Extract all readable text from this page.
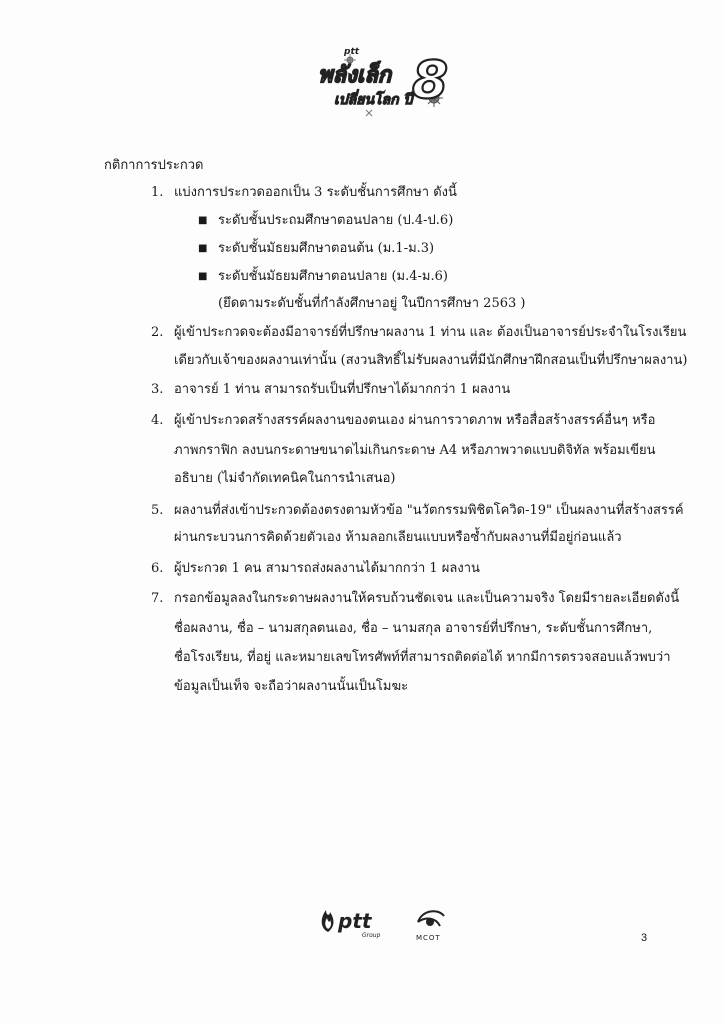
8
ptt
พลังเล็ก
เปลี่ยนโลก ปี
กติกาการประกวด
1. แบ่งการประกวดออกเป็น 3 ระดับชั้นการศึกษา ดังนี้
■ ระดับชั้นประถมศึกษาตอนปลาย (ป.4-ป.6)
■ ระดับชั้นมัธยมศึกษาตอนต้น (ม.1-ม.3)
■ ระดับชั้นมัธยมศึกษาตอนปลาย (ม.4-ม.6)
(ยึดตามระดับชั้นที่กำลังศึกษาอยู่ ในปีการศึกษา 2563 )
2. ผู้เข้าประกวดจะต้องมีอาจารย์ที่ปรึกษาผลงาน 1 ท่าน และ ต้องเป็นอาจารย์ประจำในโรงเรียน
เดียวกับเจ้าของผลงานเท่านั้น (สงวนสิทธิ์ไม่รับผลงานที่มีนักศึกษาฝึกสอนเป็นที่ปรึกษาผลงาน)
3. อาจารย์ 1 ท่าน สามารถรับเป็นที่ปรึกษาได้มากกว่า 1 ผลงาน
4. ผู้เข้าประกวดสร้างสรรค์ผลงานของตนเอง ผ่านการวาดภาพ หรือสื่อสร้างสรรค์อื่นๆ หรือ
ภาพกราฟิก ลงบนกระดาษขนาดไม่เกินกระดาษ A4 หรือภาพวาดแบบดิจิทัล พร้อมเขียน
อธิบาย (ไม่จำกัดเทคนิคในการนำเสนอ)
5. ผลงานที่ส่งเข้าประกวดต้องตรงตามหัวข้อ "นวัตกรรมพิชิตโควิด-19" เป็นผลงานที่สร้างสรรค์
ผ่านกระบวนการคิดด้วยตัวเอง ห้ามลอกเลียนแบบหรือซ้ำกับผลงานที่มีอยู่ก่อนแล้ว
6. ผู้ประกวด 1 คน สามารถส่งผลงานได้มากกว่า 1 ผลงาน
7. กรอกข้อมูลลงในกระดาษผลงานให้ครบถ้วนชัดเจน และเป็นความจริง โดยมีรายละเอียดดังนี้
ชื่อผลงาน, ชื่อ – นามสกุลตนเอง, ชื่อ – นามสกุล อาจารย์ที่ปรึกษา, ระดับชั้นการศึกษา,
ชื่อโรงเรียน, ที่อยู่ และหมายเลขโทรศัพท์ที่สามารถติดต่อได้ หากมีการตรวจสอบแล้วพบว่า
ข้อมูลเป็นเท็จ จะถือว่าผลงานนั้นเป็นโมฆะ
ptt
Group	MCOT	3
